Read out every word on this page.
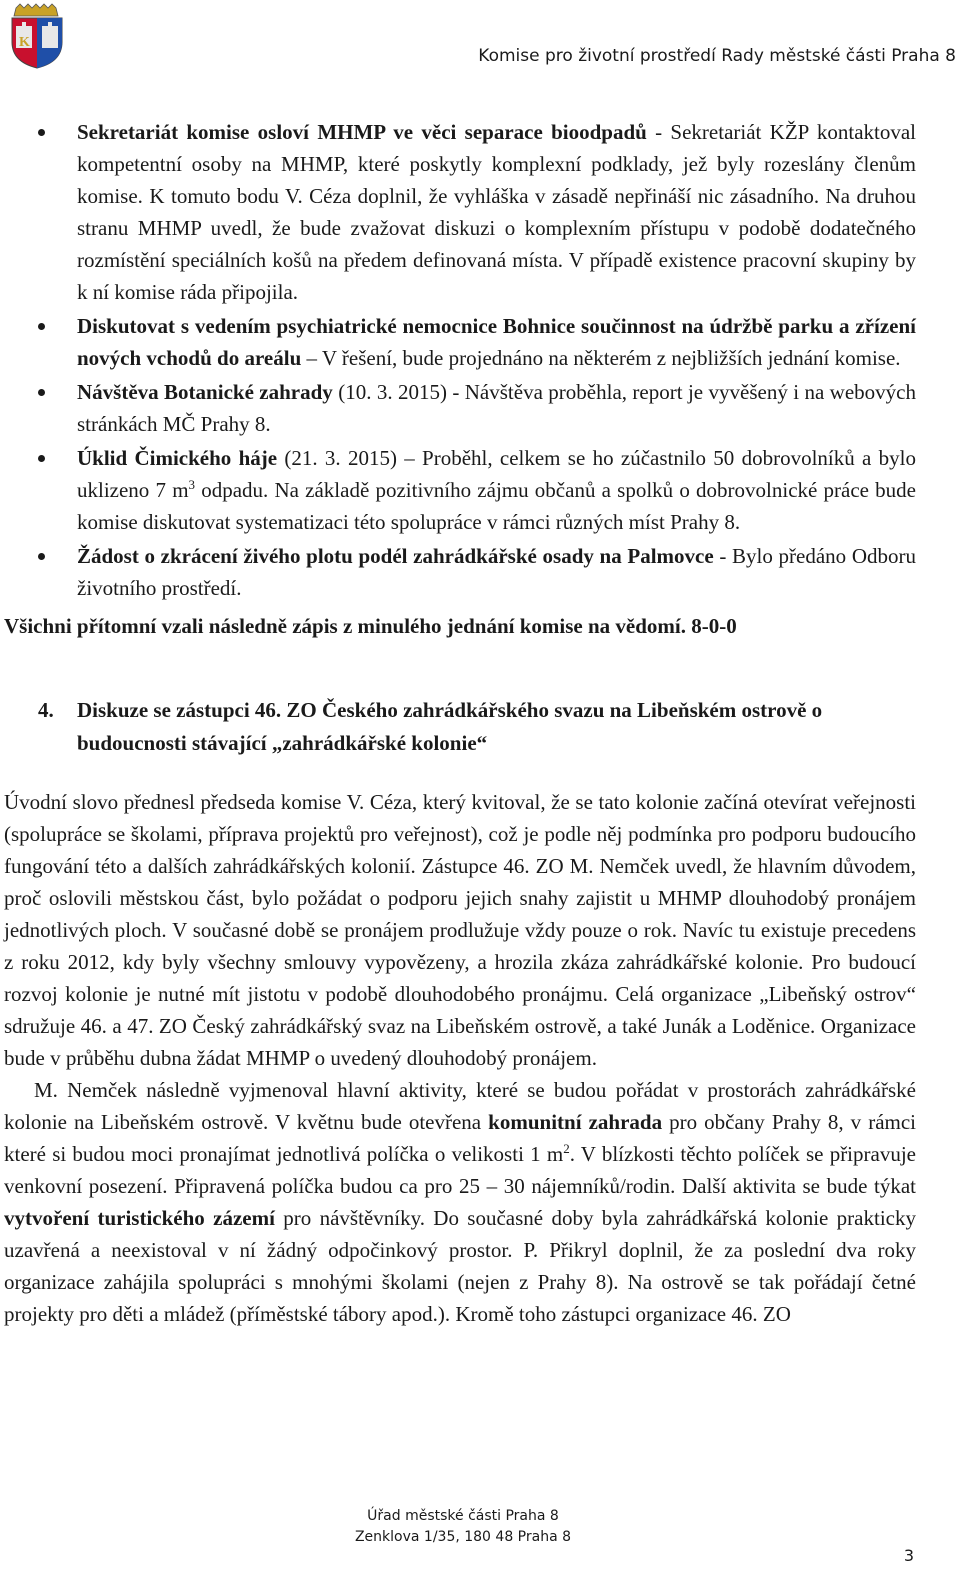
K
Komise pro životní prostředí Rady městské části Praha 8
Sekretariát komise osloví MHMP ve věci separace bioodpadů - Sekretariát KŽP kontaktoval kompetentní osoby na MHMP, které poskytly komplexní podklady, jež byly rozeslány členům komise. K tomuto bodu V. Céza doplnil, že vyhláška v zásadě nepřináší nic zásadního. Na druhou stranu MHMP uvedl, že bude zvažovat diskuzi o komplexním přístupu v podobě dodatečného rozmístění speciálních košů na předem definovaná místa. V případě existence pracovní skupiny by k ní komise ráda připojila.
Diskutovat s vedením psychiatrické nemocnice Bohnice součinnost na údržbě parku a zřízení nových vchodů do areálu – V řešení, bude projednáno na některém z nejbližších jednání komise.
Návštěva Botanické zahrady (10. 3. 2015) - Návštěva proběhla, report je vyvěšený i na webových stránkách MČ Prahy 8.
Úklid Čimického háje (21. 3. 2015) – Proběhl, celkem se ho zúčastnilo 50 dobrovolníků a bylo uklizeno 7 $m^3$ odpadu. Na základě pozitivního zájmu občanů a spolků o dobrovolnické práce bude komise diskutovat systematizaci této spolupráce v rámci různých míst Prahy 8.
Žádost o zkrácení živého plotu podél zahrádkářské osady na Palmovce - Bylo předáno Odboru životního prostředí.
Všichni přítomní vzali následně zápis z minulého jednání komise na vědomí. 8-0-0
4. Diskuze se zástupci 46. ZO Českého zahrádkářského svazu na Libeňském ostrově o budoucnosti stávající „zahrádkářské kolonie“

Úvodní slovo přednesl předseda komise V. Céza, který kvitoval, že se tato kolonie začíná otevírat veřejnosti (spolupráce se školami, příprava projektů pro veřejnost), což je podle něj podmínka pro podporu budoucího fungování této a dalších zahrádkářských kolonií. Zástupce 46. ZO M. Nemček uvedl, že hlavním důvodem, proč oslovili městskou část, bylo požádat o podporu jejich snahy zajistit u MHMP dlouhodobý pronájem jednotlivých ploch. V současné době se pronájem prodlužuje vždy pouze o rok. Navíc tu existuje precedens z roku 2012, kdy byly všechny smlouvy vypovězeny, a hrozila zkáza zahrádkářské kolonie. Pro budoucí rozvoj kolonie je nutné mít jistotu v podobě dlouhodobého pronájmu. Celá organizace „Libeňský ostrov“ sdružuje 46. a 47. ZO Český zahrádkářský svaz na Libeňském ostrově, a také Junák a Loděnice. Organizace bude v průběhu dubna žádat MHMP o uvedený dlouhodobý pronájem.

M. Nemček následně vyjmenoval hlavní aktivity, které se budou pořádat v prostorách zahrádkářské kolonie na Libeňském ostrově. V květnu bude otevřena komunitní zahrada pro občany Prahy 8, v rámci které si budou moci pronajímat jednotlivá políčka o velikosti 1 $m^2$. V blízkosti těchto políček se připravuje venkovní posezení. Připravená políčka budou ca pro 25 – 30 nájemníků/rodin. Další aktivita se bude týkat vytvoření turistického zázemí pro návštěvníky. Do současné doby byla zahrádkářská kolonie prakticky uzavřená a neexistoval v ní žádný odpočinkový prostor. P. Přikryl doplnil, že za poslední dva roky organizace zahájila spolupráci s mnohými školami (nejen z Prahy 8). Na ostrově se tak pořádají četné projekty pro děti a mládež (příměstské tábory apod.). Kromě toho zástupci organizace 46. ZO

Úřad městské části Praha 8
Zenklova 1/35, 180 48 Praha 8
3
